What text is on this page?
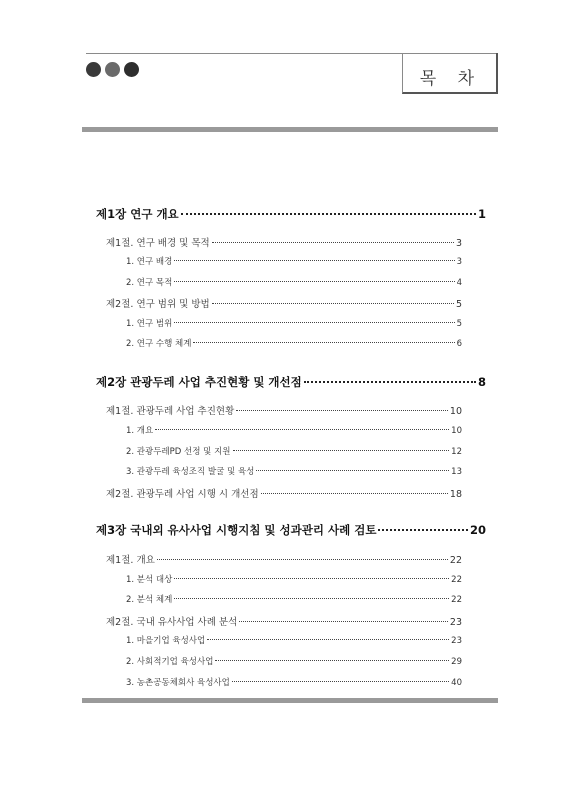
목 차
제1장 연구 개요	1
제1절. 연구 배경 및 목적	3
1. 연구 배경	3
2. 연구 목적	4
제2절. 연구 범위 및 방법	5
1. 연구 범위	5
2. 연구 수행 체계	6
제2장 관광두레 사업 추진현황 및 개선점	8
제1절. 관광두레 사업 추진현황	10
1. 개요	10
2. 관광두레PD 선정 및 지원	12
3. 관광두레 육성조직 발굴 및 육성	13
제2절. 관광두레 사업 시행 시 개선점	18
제3장 국내외 유사사업 시행지침 및 성과관리 사례 검토	20
제1절. 개요	22
1. 분석 대상	22
2. 분석 체계	22
제2절. 국내 유사사업 사례 분석	23
1. 마을기업 육성사업	23
2. 사회적기업 육성사업	29
3. 농촌공동체회사 육성사업	40
